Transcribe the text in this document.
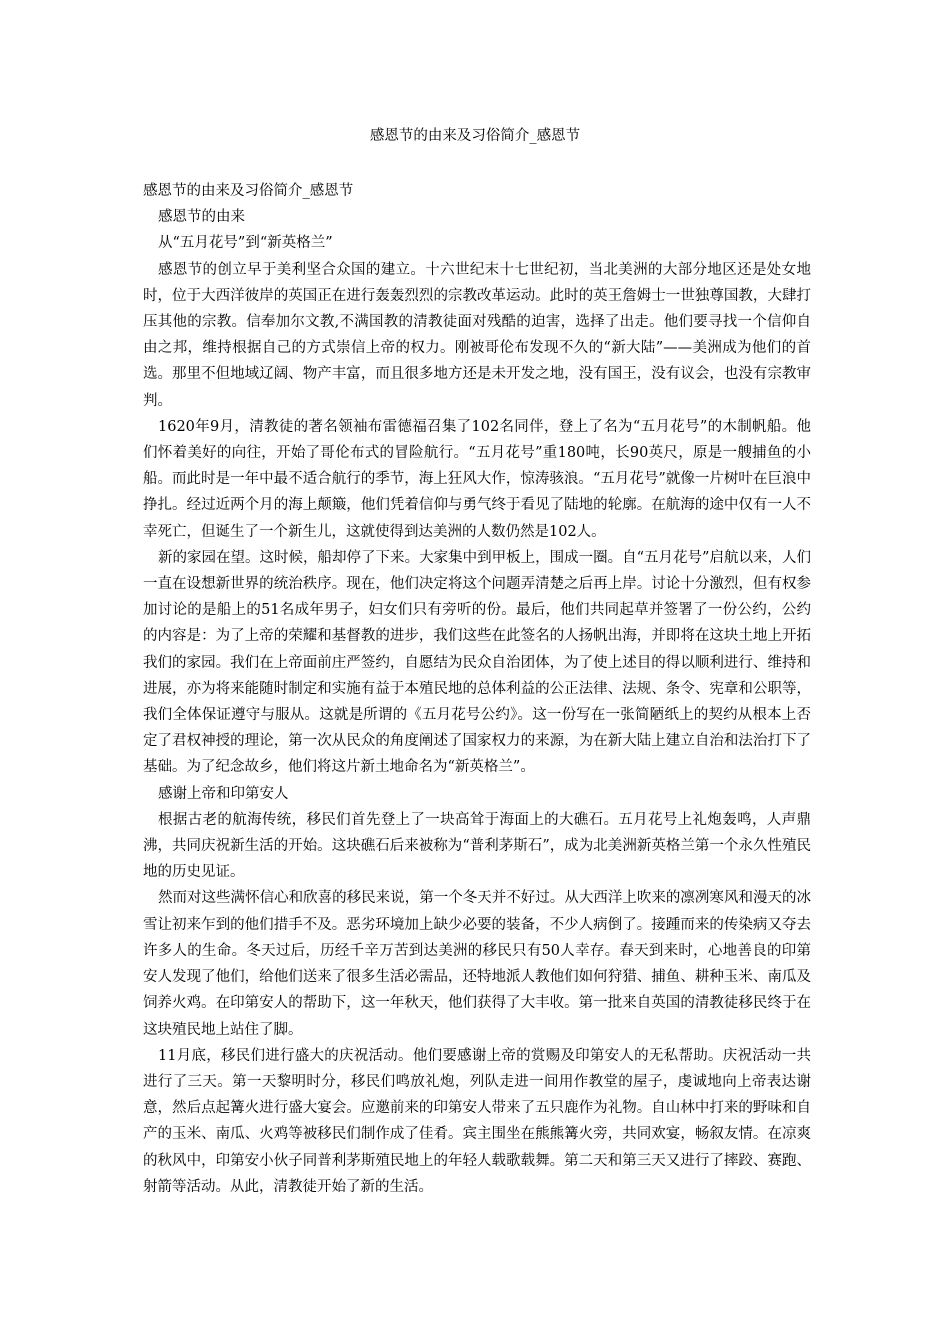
感恩节的由来及习俗简介_感恩节

感恩节的由来及习俗简介_感恩节

感恩节的由来

从“五月花号”到“新英格兰”

感恩节的创立早于美利坚合众国的建立。十六世纪末十七世纪初，当北美洲的大部分地区还是处女地时，位于大西洋彼岸的英国正在进行轰轰烈烈的宗教改革运动。此时的英王詹姆士一世独尊国教，大肆打压其他的宗教。信奉加尔文教,不满国教的清教徒面对残酷的迫害，选择了出走。他们要寻找一个信仰自由之邦，维持根据自己的方式崇信上帝的权力。刚被哥伦布发现不久的“新大陆”——美洲成为他们的首选。那里不但地域辽阔、物产丰富，而且很多地方还是未开发之地，没有国王，没有议会，也没有宗教审判。

1620年9月，清教徒的著名领袖布雷德福召集了102名同伴，登上了名为“五月花号”的木制帆船。他们怀着美好的向往，开始了哥伦布式的冒险航行。“五月花号”重180吨，长90英尺，原是一艘捕鱼的小船。而此时是一年中最不适合航行的季节，海上狂风大作，惊涛骇浪。“五月花号”就像一片树叶在巨浪中挣扎。经过近两个月的海上颠簸，他们凭着信仰与勇气终于看见了陆地的轮廓。在航海的途中仅有一人不幸死亡，但诞生了一个新生儿，这就使得到达美洲的人数仍然是102人。

新的家园在望。这时候，船却停了下来。大家集中到甲板上，围成一圈。自“五月花号”启航以来，人们一直在设想新世界的统治秩序。现在，他们决定将这个问题弄清楚之后再上岸。讨论十分激烈，但有权参加讨论的是船上的51名成年男子，妇女们只有旁听的份。最后，他们共同起草并签署了一份公约，公约的内容是：为了上帝的荣耀和基督教的进步，我们这些在此签名的人扬帆出海，并即将在这块土地上开拓我们的家园。我们在上帝面前庄严签约，自愿结为民众自治团体，为了使上述目的得以顺利进行、维持和进展，亦为将来能随时制定和实施有益于本殖民地的总体利益的公正法律、法规、条令、宪章和公职等，我们全体保证遵守与服从。这就是所谓的《五月花号公约》。这一份写在一张简陋纸上的契约从根本上否定了君权神授的理论，第一次从民众的角度阐述了国家权力的来源，为在新大陆上建立自治和法治打下了基础。为了纪念故乡，他们将这片新土地命名为“新英格兰”。

感谢上帝和印第安人

根据古老的航海传统，移民们首先登上了一块高耸于海面上的大礁石。五月花号上礼炮轰鸣，人声鼎沸，共同庆祝新生活的开始。这块礁石后来被称为“普利茅斯石”，成为北美洲新英格兰第一个永久性殖民地的历史见证。

然而对这些满怀信心和欣喜的移民来说，第一个冬天并不好过。从大西洋上吹来的凛冽寒风和漫天的冰雪让初来乍到的他们措手不及。恶劣环境加上缺少必要的装备，不少人病倒了。接踵而来的传染病又夺去许多人的生命。冬天过后，历经千辛万苦到达美洲的移民只有50人幸存。春天到来时，心地善良的印第安人发现了他们，给他们送来了很多生活必需品，还特地派人教他们如何狩猎、捕鱼、耕种玉米、南瓜及饲养火鸡。在印第安人的帮助下，这一年秋天，他们获得了大丰收。第一批来自英国的清教徒移民终于在这块殖民地上站住了脚。

11月底，移民们进行盛大的庆祝活动。他们要感谢上帝的赏赐及印第安人的无私帮助。庆祝活动一共进行了三天。第一天黎明时分，移民们鸣放礼炮，列队走进一间用作教堂的屋子，虔诚地向上帝表达谢意，然后点起篝火进行盛大宴会。应邀前来的印第安人带来了五只鹿作为礼物。自山林中打来的野味和自产的玉米、南瓜、火鸡等被移民们制作成了佳肴。宾主围坐在熊熊篝火旁，共同欢宴，畅叙友情。在凉爽的秋风中，印第安小伙子同普利茅斯殖民地上的年轻人载歌载舞。第二天和第三天又进行了摔跤、赛跑、射箭等活动。从此，清教徒开始了新的生活。
